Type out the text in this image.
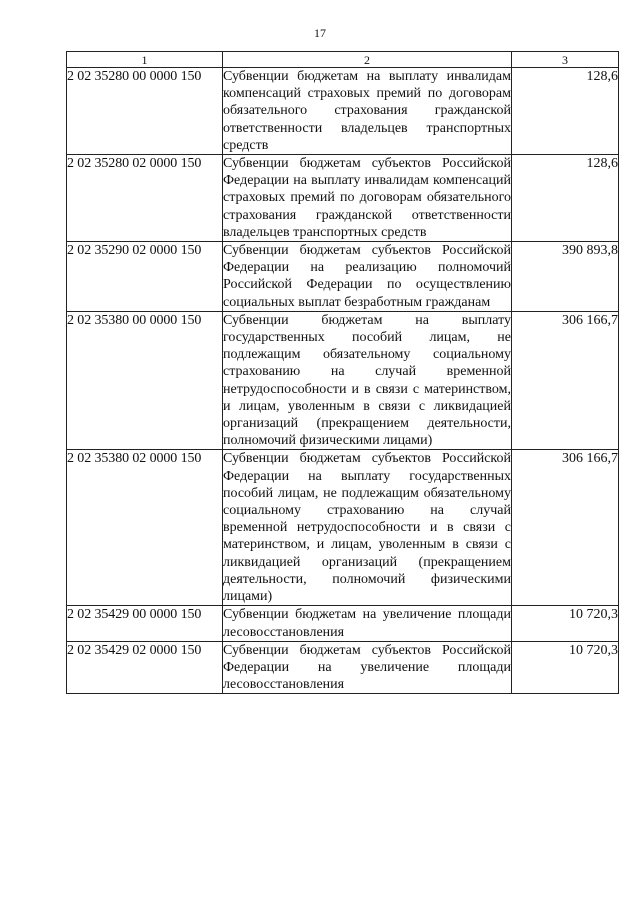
17
1	2	3
2 02 35280 00 0000 150	Субвенции бюджетам на выплату инвалидам компенсаций страховых премий по договорам обязательного страхования гражданской ответственности владельцев транспортных средств	128,6
2 02 35280 02 0000 150	Субвенции бюджетам субъектов Российской Федерации на выплату инвалидам компенсаций страховых премий по договорам обязательного страхования гражданской ответственности владельцев транспортных средств	128,6
2 02 35290 02 0000 150	Субвенции бюджетам субъектов Российской Федерации на реализацию полномочий Российской Федерации по осуществлению социальных выплат безработным гражданам	390 893,8
2 02 35380 00 0000 150	Субвенции бюджетам на выплату государственных пособий лицам, не подлежащим обязательному социальному страхованию на случай временной нетрудоспособности и в связи с материнством, и лицам, уволенным в связи с ликвидацией организаций (прекращением деятельности, полномочий физическими лицами)	306 166,7
2 02 35380 02 0000 150	Субвенции бюджетам субъектов Российской Федерации на выплату государственных пособий лицам, не подлежащим обязательному социальному страхованию на случай временной нетрудоспособности и в связи с материнством, и лицам, уволенным в связи с ликвидацией организаций (прекращением деятельности, полномочий физическими лицами)	306 166,7
2 02 35429 00 0000 150	Субвенции бюджетам на увеличение площади лесовосстановления	10 720,3
2 02 35429 02 0000 150	Субвенции бюджетам субъектов Российской Федерации на увеличение площади лесовосстановления	10 720,3
